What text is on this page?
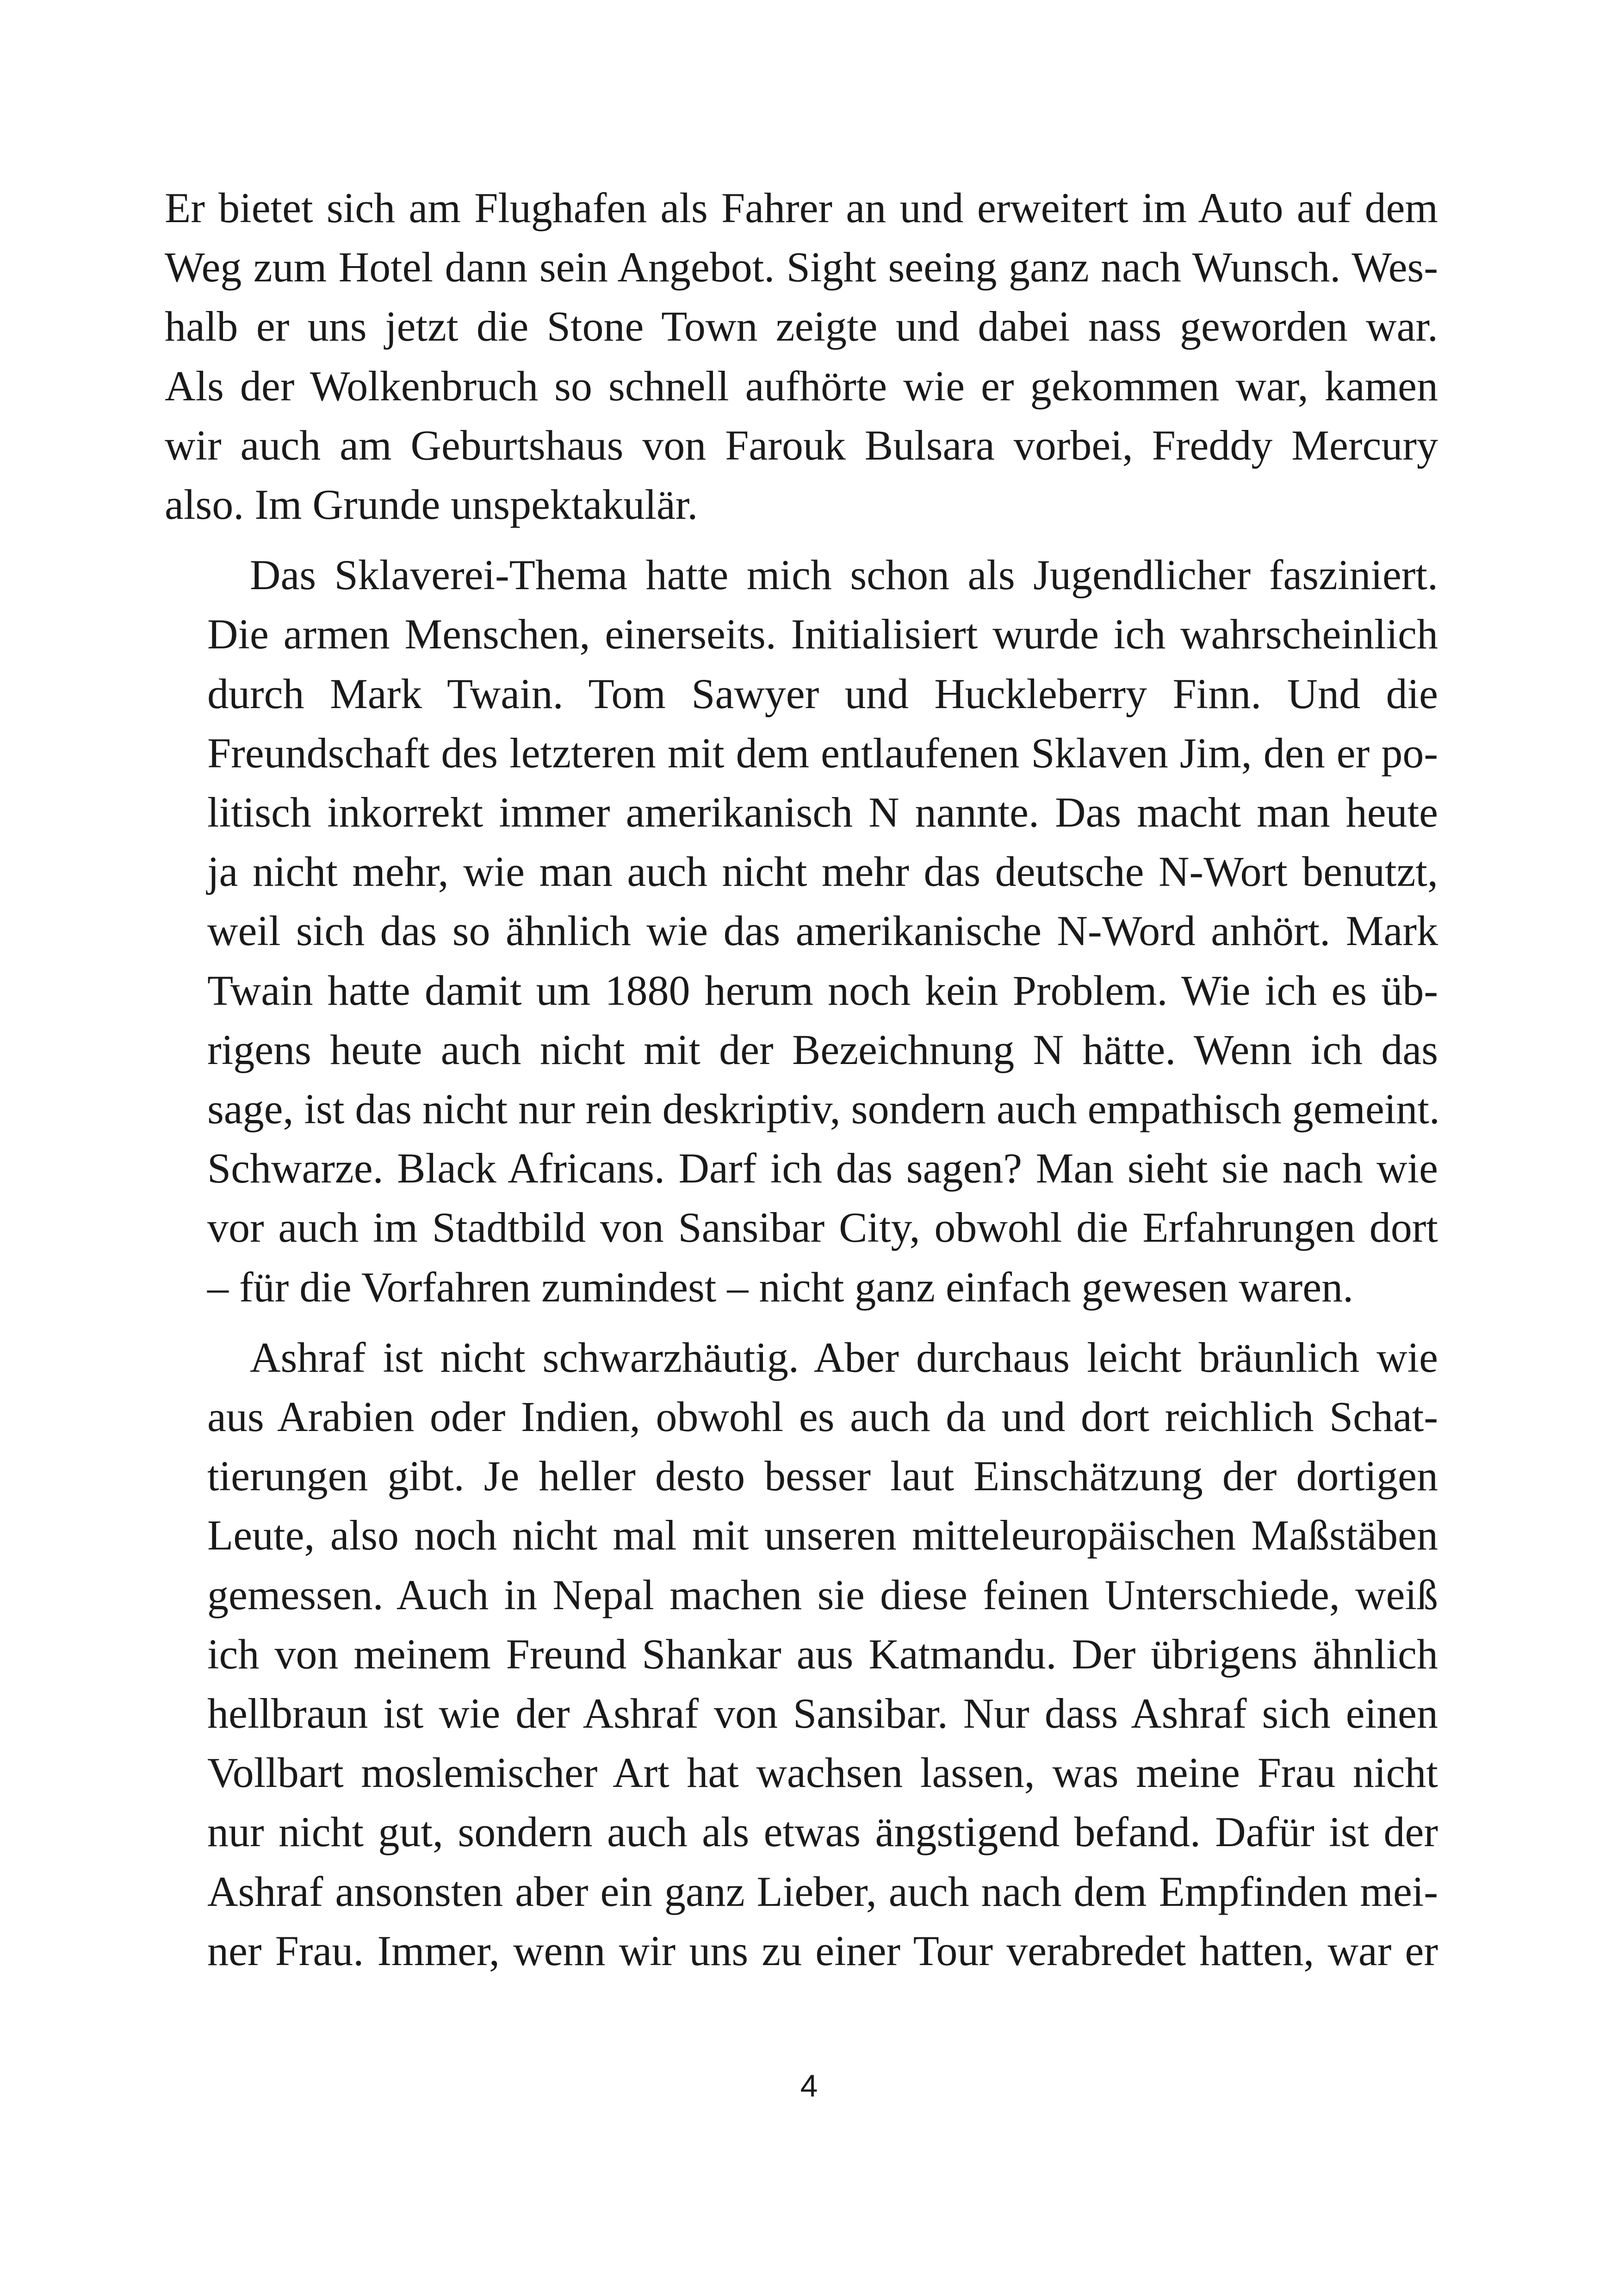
Er bietet sich am Flughafen als Fahrer an und erweitert im Auto auf dem
Weg zum Hotel dann sein Angebot. Sight seeing ganz nach Wunsch. Wes-
halb er uns jetzt die Stone Town zeigte und dabei nass geworden war.
Als der Wolkenbruch so schnell aufhörte wie er gekommen war, kamen
wir auch am Geburtshaus von Farouk Bulsara vorbei, Freddy Mercury
also. Im Grunde unspektakulär.

Das Sklaverei-Thema hatte mich schon als Jugendlicher fasziniert.
Die armen Menschen, einerseits. Initialisiert wurde ich wahrscheinlich
durch Mark Twain. Tom Sawyer und Huckleberry Finn. Und die
Freundschaft des letzteren mit dem entlaufenen Sklaven Jim, den er po-
litisch inkorrekt immer amerikanisch N nannte. Das macht man heute
ja nicht mehr, wie man auch nicht mehr das deutsche N-Wort benutzt,
weil sich das so ähnlich wie das amerikanische N-Word anhört. Mark
Twain hatte damit um 1880 herum noch kein Problem. Wie ich es üb-
rigens heute auch nicht mit der Bezeichnung N hätte. Wenn ich das
sage, ist das nicht nur rein deskriptiv, sondern auch empathisch gemeint.
Schwarze. Black Africans. Darf ich das sagen? Man sieht sie nach wie
vor auch im Stadtbild von Sansibar City, obwohl die Erfahrungen dort
– für die Vorfahren zumindest – nicht ganz einfach gewesen waren.

Ashraf ist nicht schwarzhäutig. Aber durchaus leicht bräunlich wie
aus Arabien oder Indien, obwohl es auch da und dort reichlich Schat-
tierungen gibt. Je heller desto besser laut Einschätzung der dortigen
Leute, also noch nicht mal mit unseren mitteleuropäischen Maßstäben
gemessen. Auch in Nepal machen sie diese feinen Unterschiede, weiß
ich von meinem Freund Shankar aus Katmandu. Der übrigens ähnlich
hellbraun ist wie der Ashraf von Sansibar. Nur dass Ashraf sich einen
Vollbart moslemischer Art hat wachsen lassen, was meine Frau nicht
nur nicht gut, sondern auch als etwas ängstigend befand. Dafür ist der
Ashraf ansonsten aber ein ganz Lieber, auch nach dem Empfinden mei-
ner Frau. Immer, wenn wir uns zu einer Tour verabredet hatten, war er

4
